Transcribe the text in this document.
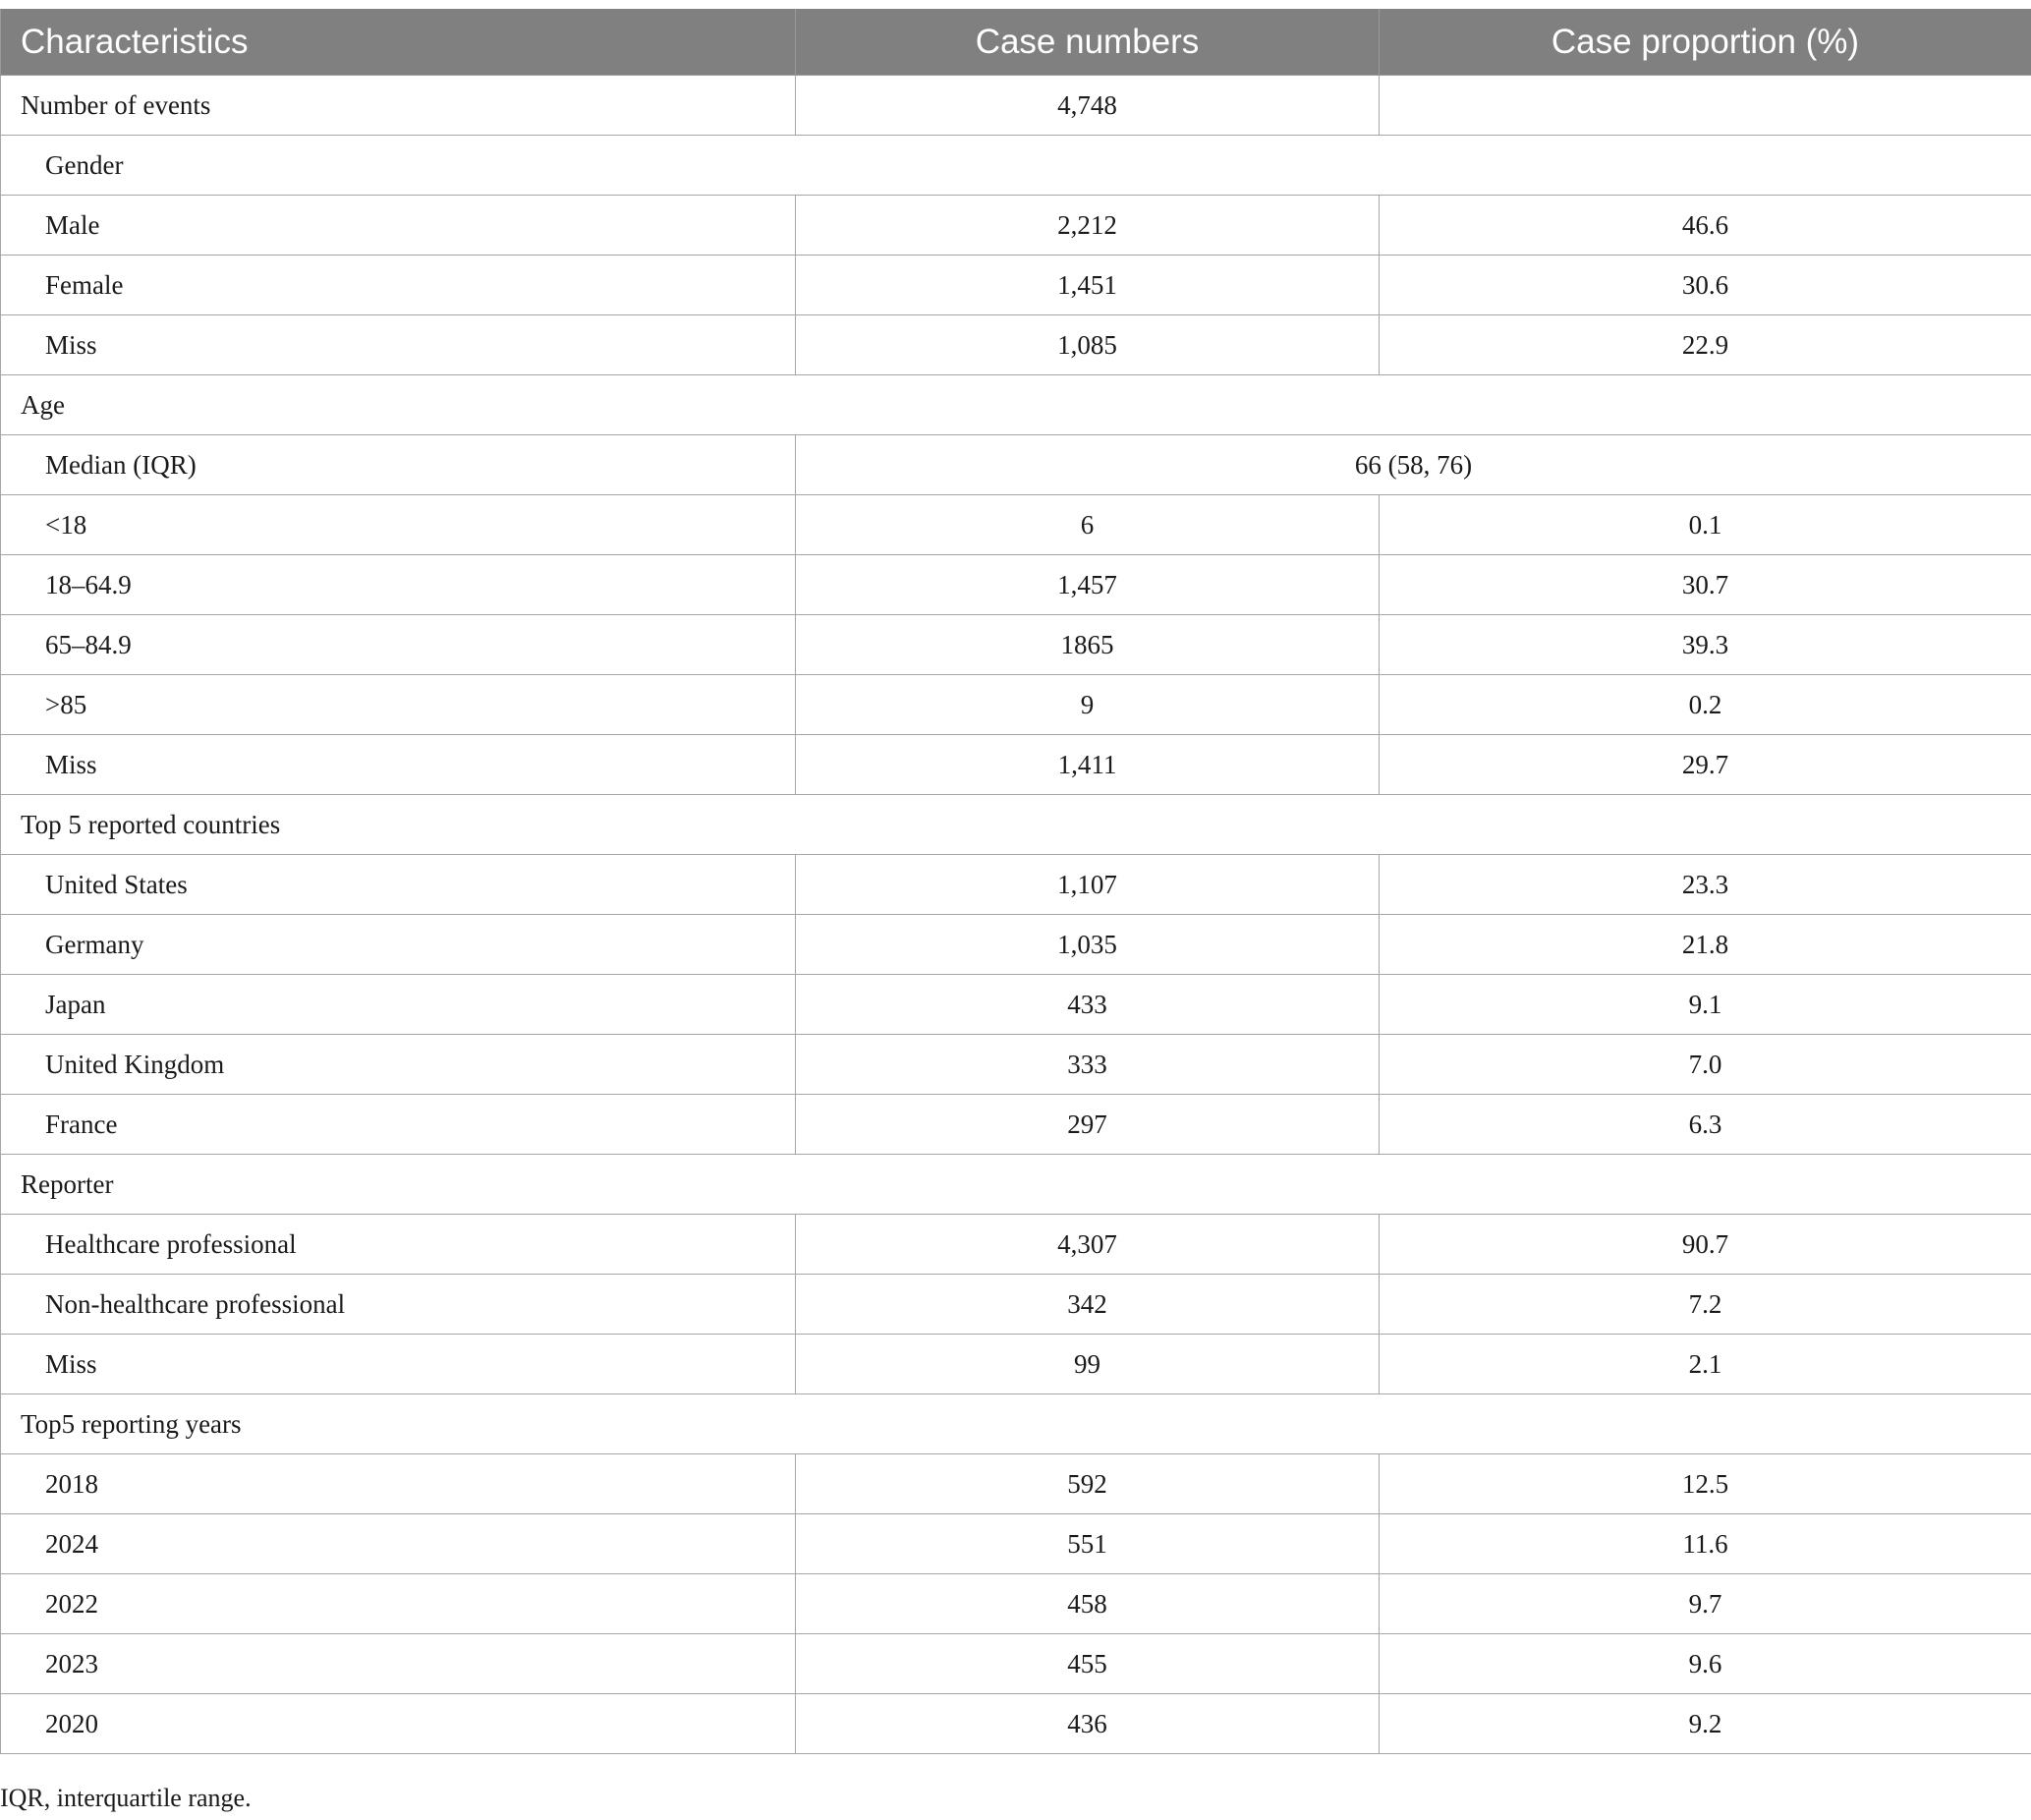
Characteristics	Case numbers	Case proportion (%)
Number of events	4,748	
Gender		
Male	2,212	46.6
Female	1,451	30.6
Miss	1,085	22.9
Age		
Median (IQR)	66 (58, 76)	
<18	6	0.1
18–64.9	1,457	30.7
65–84.9	1865	39.3
>85	9	0.2
Miss	1,411	29.7
Top 5 reported countries		
United States	1,107	23.3
Germany	1,035	21.8
Japan	433	9.1
United Kingdom	333	7.0
France	297	6.3
Reporter		
Healthcare professional	4,307	90.7
Non-healthcare professional	342	7.2
Miss	99	2.1
Top5 reporting years		
2018	592	12.5
2024	551	11.6
2022	458	9.7
2023	455	9.6
2020	436	9.2
IQR, interquartile range.
